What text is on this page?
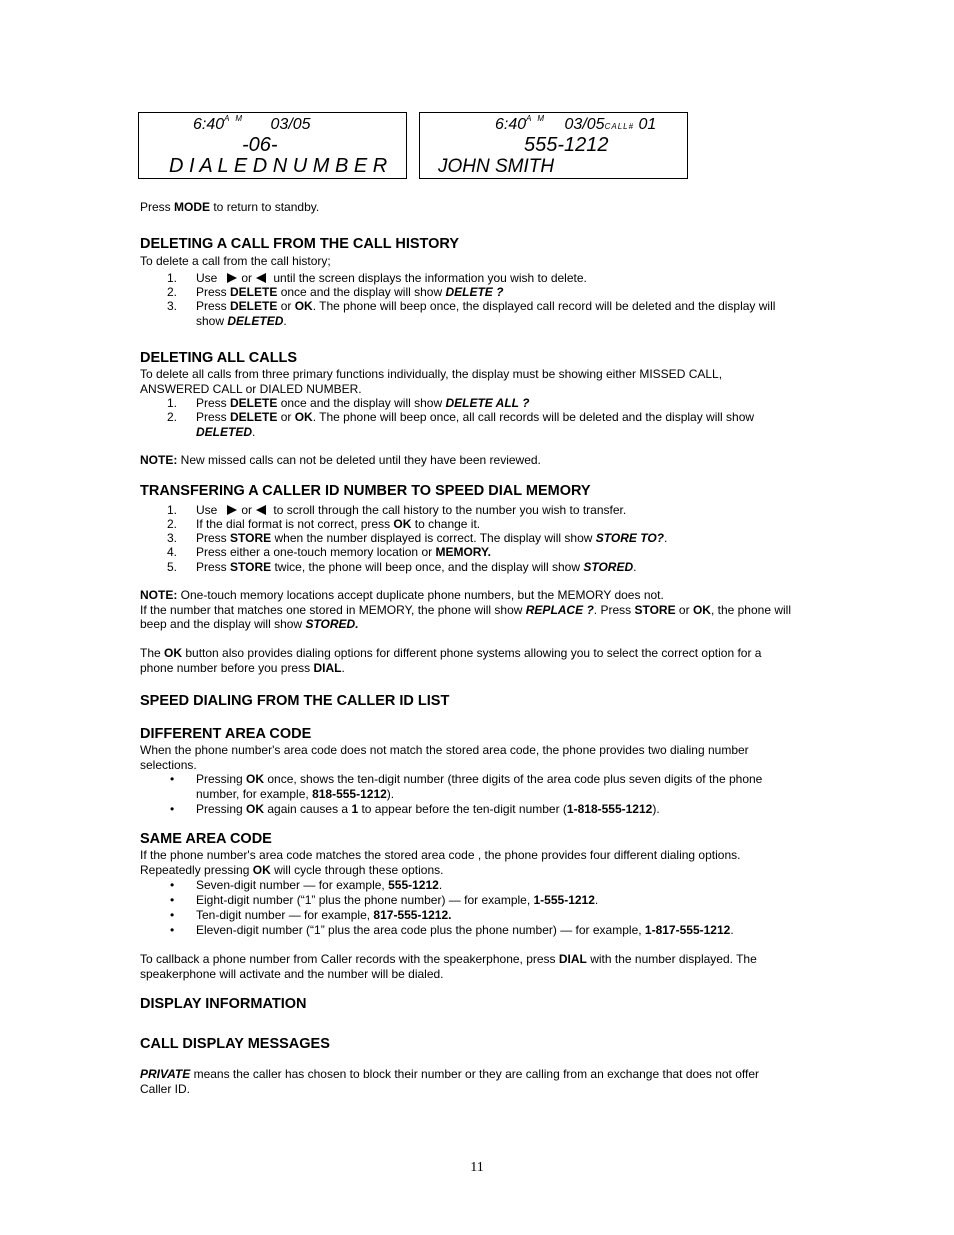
$6:40^{A M}$ 03/05
-06-
D I A L E D N U M B E R
$6:40^{A M}$ 03/05CALL# 01
555-1212
JOHN SMITH
Press MODE to return to standby.
DELETING A CALL FROM THE CALL HISTORY
To delete a call from the call history;
1. Use or until the screen displays the information you wish to delete.
2. Press DELETE once and the display will show DELETE ?
3. Press DELETE or OK. The phone will beep once, the displayed call record will be deleted and the display will
show DELETED.
DELETING ALL CALLS
To delete all calls from three primary functions individually, the display must be showing either MISSED CALL,
ANSWERED CALL or DIALED NUMBER.
1. Press DELETE once and the display will show DELETE ALL ?
2. Press DELETE or OK. The phone will beep once, all call records will be deleted and the display will show
DELETED.
NOTE: New missed calls can not be deleted until they have been reviewed.
TRANSFERING A CALLER ID NUMBER TO SPEED DIAL MEMORY
1. Use or to scroll through the call history to the number you wish to transfer.
2. If the dial format is not correct, press OK to change it.
3. Press STORE when the number displayed is correct. The display will show STORE TO?.
4. Press either a one-touch memory location or MEMORY.
5. Press STORE twice, the phone will beep once, and the display will show STORED.
NOTE: One-touch memory locations accept duplicate phone numbers, but the MEMORY does not.
If the number that matches one stored in MEMORY, the phone will show REPLACE ?. Press STORE or OK, the phone will
beep and the display will show STORED.
The OK button also provides dialing options for different phone systems allowing you to select the correct option for a
phone number before you press DIAL.
SPEED DIALING FROM THE CALLER ID LIST
DIFFERENT AREA CODE
When the phone number's area code does not match the stored area code, the phone provides two dialing number
selections.
• Pressing OK once, shows the ten-digit number (three digits of the area code plus seven digits of the phone
number, for example, 818-555-1212).
• Pressing OK again causes a 1 to appear before the ten-digit number (1-818-555-1212).
SAME AREA CODE
If the phone number's area code matches the stored area code , the phone provides four different dialing options.
Repeatedly pressing OK will cycle through these options.
• Seven-digit number — for example, 555-1212.
• Eight-digit number (“1” plus the phone number) — for example, 1-555-1212.
• Ten-digit number — for example, 817-555-1212.
• Eleven-digit number (“1” plus the area code plus the phone number) — for example, 1-817-555-1212.
To callback a phone number from Caller records with the speakerphone, press DIAL with the number displayed. The
speakerphone will activate and the number will be dialed.
DISPLAY INFORMATION
CALL DISPLAY MESSAGES
PRIVATE means the caller has chosen to block their number or they are calling from an exchange that does not offer
Caller ID.
11
